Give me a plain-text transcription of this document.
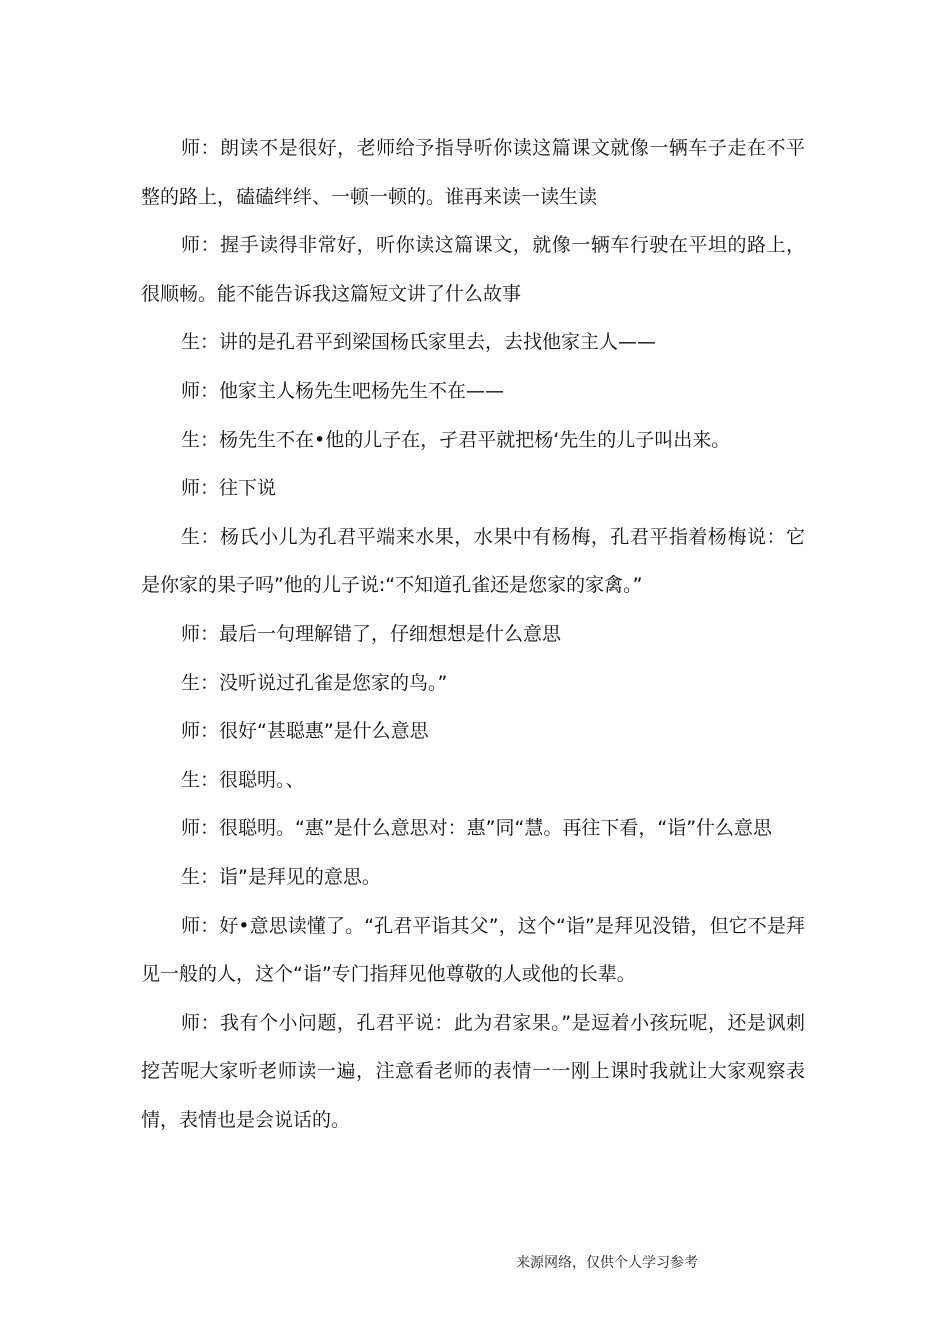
师：朗读不是很好，老师给予指导听你读这篇课文就像一辆车子走在不平整的路上，磕磕绊绊、一顿一顿的。谁再来读一读生读

师：握手读得非常好，听你读这篇课文，就像一辆车行驶在平坦的路上，很顺畅。能不能告诉我这篇短文讲了什么故事

生：讲的是孔君平到梁国杨氏家里去，去找他家主人——

师：他家主人杨先生吧杨先生不在——

生：杨先生不在•他的儿子在，孑君平就把杨‘先生的儿子叫出来。

师：往下说

生：杨氏小儿为孔君平端来水果，水果中有杨梅，孔君平指着杨梅说：它是你家的果子吗”他的儿子说:“不知道孔雀还是您家的家禽。”

师：最后一句理解错了，仔细想想是什么意思

生：没听说过孔雀是您家的鸟。”

师：很好“甚聪惠”是什么意思

生：很聪明。、

师：很聪明。“惠”是什么意思对：惠”同“慧。再往下看，“诣”什么意思

生：诣”是拜见的意思。

师：好•意思读懂了。“孔君平诣其父”，这个“诣”是拜见没错，但它不是拜见一般的人，这个“诣”专门指拜见他尊敬的人或他的长辈。

师：我有个小问题，孔君平说：此为君家果。”是逗着小孩玩呢，还是讽刺挖苦呢大家听老师读一遍，注意看老师的表情一一刚上课时我就让大家观察表情，表情也是会说话的。

来源网络，仅供个人学习参考
